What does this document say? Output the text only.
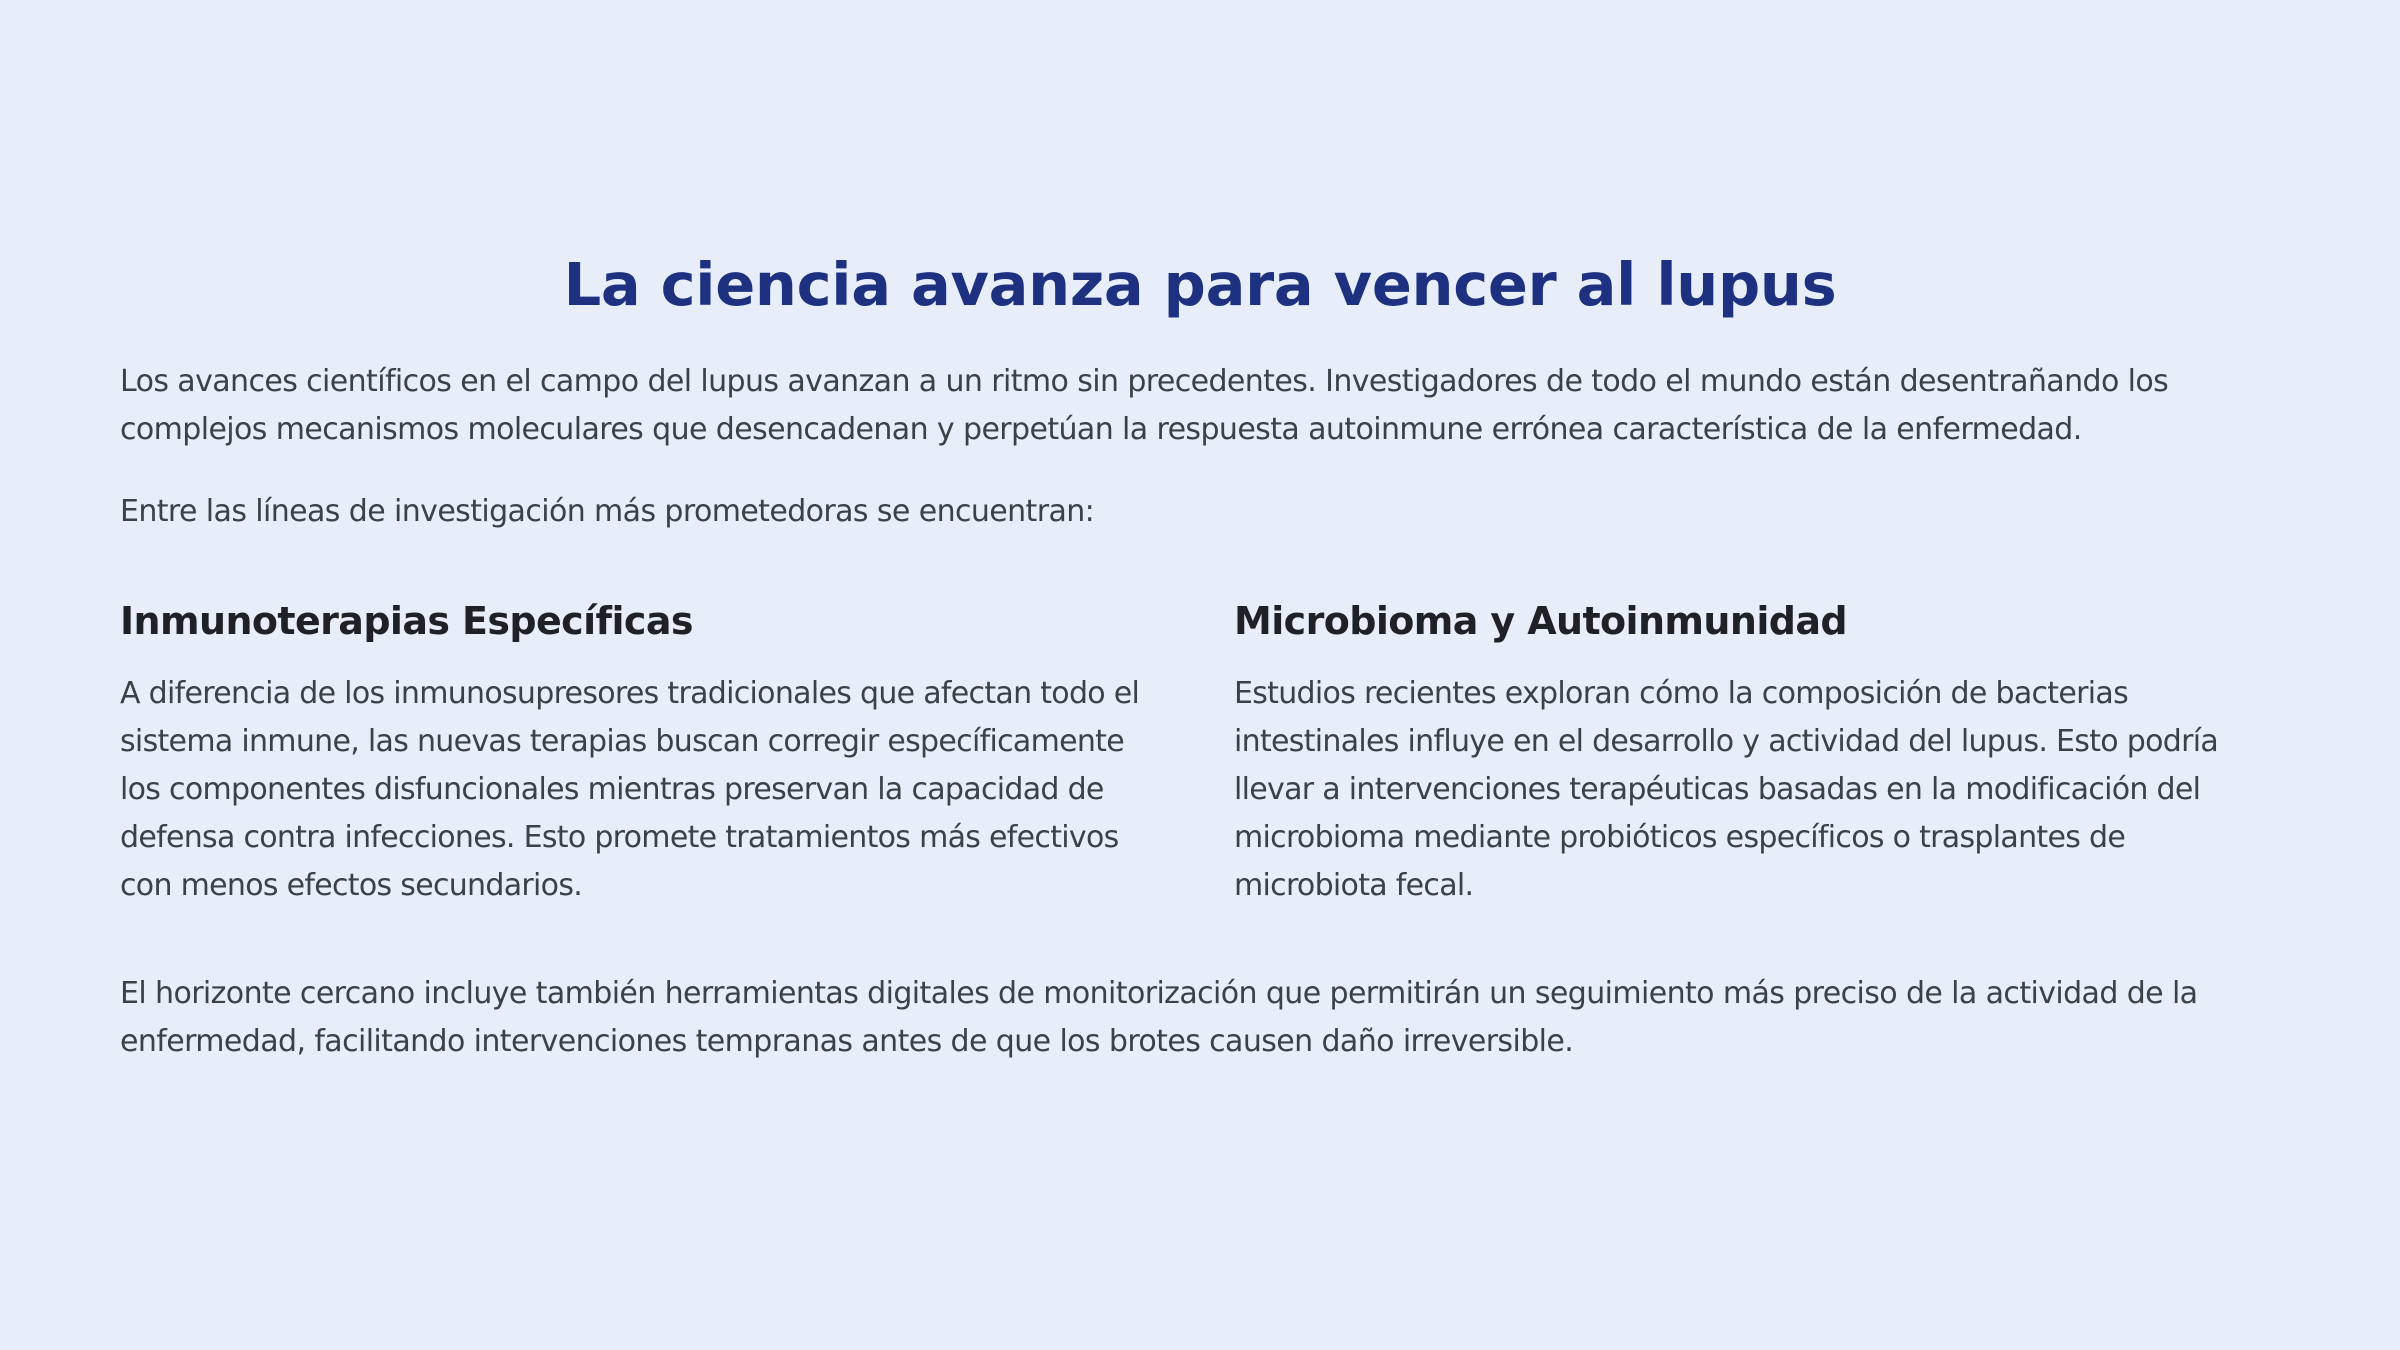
La ciencia avanza para vencer al lupus

Los avances científicos en el campo del lupus avanzan a un ritmo sin precedentes. Investigadores de todo el mundo están desentrañando los complejos mecanismos moleculares que desencadenan y perpetúan la respuesta autoinmune errónea característica de la enfermedad.

Entre las líneas de investigación más prometedoras se encuentran:

Inmunoterapias Específicas

A diferencia de los inmunosupresores tradicionales que afectan todo el sistema inmune, las nuevas terapias buscan corregir específicamente los componentes disfuncionales mientras preservan la capacidad de defensa contra infecciones. Esto promete tratamientos más efectivos con menos efectos secundarios.

Microbioma y Autoinmunidad

Estudios recientes exploran cómo la composición de bacterias intestinales influye en el desarrollo y actividad del lupus. Esto podría llevar a intervenciones terapéuticas basadas en la modificación del microbioma mediante probióticos específicos o trasplantes de microbiota fecal.

El horizonte cercano incluye también herramientas digitales de monitorización que permitirán un seguimiento más preciso de la actividad de la enfermedad, facilitando intervenciones tempranas antes de que los brotes causen daño irreversible.
